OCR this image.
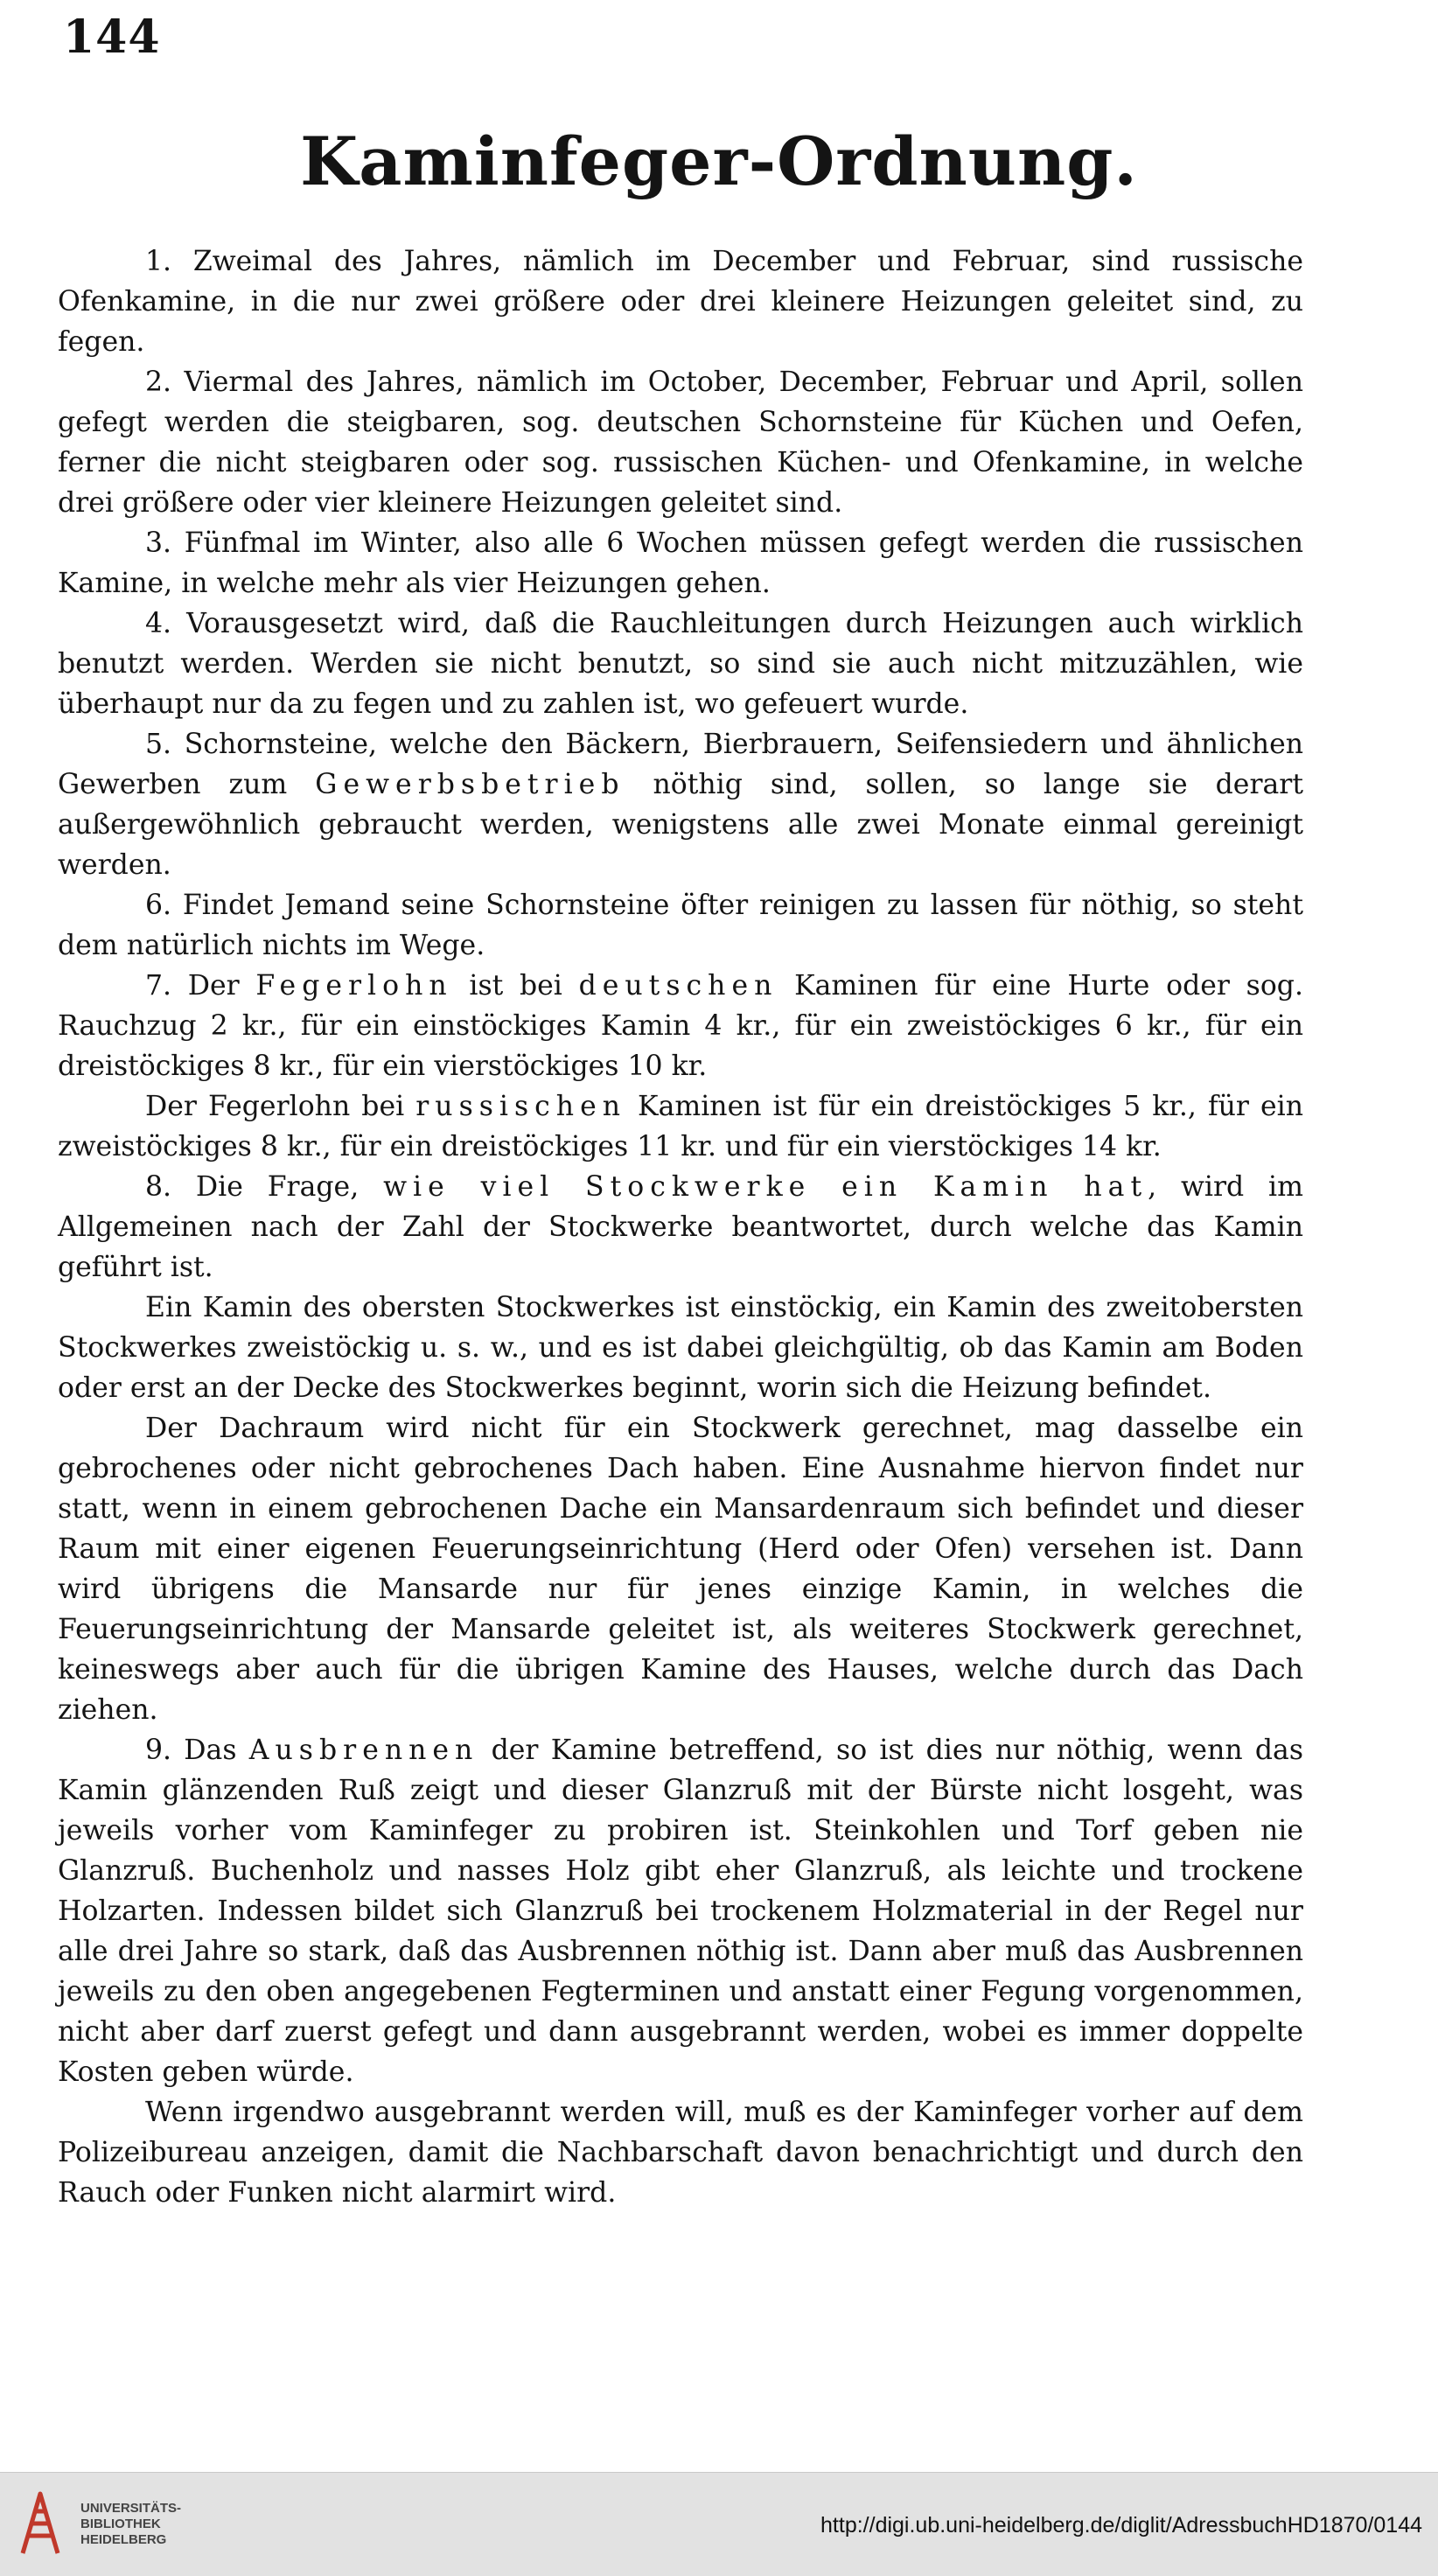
144
Kaminfeger-Ordnung.

1. Zweimal des Jahres, nämlich im December und Februar, sind russische Ofenkamine, in die nur zwei größere oder drei kleinere Heizungen geleitet sind, zu fegen.

2. Viermal des Jahres, nämlich im October, December, Februar und April, sollen gefegt werden die steigbaren, sog. deutschen Schornsteine für Küchen und Oefen, ferner die nicht steigbaren oder sog. russischen Küchen- und Ofenkamine, in welche drei größere oder vier kleinere Heizungen geleitet sind.

3. Fünfmal im Winter, also alle 6 Wochen müssen gefegt werden die russischen Kamine, in welche mehr als vier Heizungen gehen.

4. Vorausgesetzt wird, daß die Rauchleitungen durch Heizungen auch wirklich benutzt werden. Werden sie nicht benutzt, so sind sie auch nicht mitzuzählen, wie überhaupt nur da zu fegen und zu zahlen ist, wo gefeuert wurde.

5. Schornsteine, welche den Bäckern, Bierbrauern, Seifensiedern und ähnlichen Gewerben zum Gewerbsbetrieb nöthig sind, sollen, so lange sie derart außergewöhnlich gebraucht werden, wenigstens alle zwei Monate einmal gereinigt werden.

6. Findet Jemand seine Schornsteine öfter reinigen zu lassen für nöthig, so steht dem natürlich nichts im Wege.

7. Der Fegerlohn ist bei deutschen Kaminen für eine Hurte oder sog. Rauchzug 2 kr., für ein einstöckiges Kamin 4 kr., für ein zweistöckiges 6 kr., für ein dreistöckiges 8 kr., für ein vierstöckiges 10 kr.

Der Fegerlohn bei russischen Kaminen ist für ein dreistöckiges 5 kr., für ein zweistöckiges 8 kr., für ein dreistöckiges 11 kr. und für ein vierstöckiges 14 kr.

8. Die Frage, wie viel Stockwerke ein Kamin hat, wird im Allgemeinen nach der Zahl der Stockwerke beantwortet, durch welche das Kamin geführt ist.

Ein Kamin des obersten Stockwerkes ist einstöckig, ein Kamin des zweitobersten Stockwerkes zweistöckig u. s. w., und es ist dabei gleichgültig, ob das Kamin am Boden oder erst an der Decke des Stockwerkes beginnt, worin sich die Heizung befindet.

Der Dachraum wird nicht für ein Stockwerk gerechnet, mag dasselbe ein gebrochenes oder nicht gebrochenes Dach haben. Eine Ausnahme hiervon findet nur statt, wenn in einem gebrochenen Dache ein Mansardenraum sich befindet und dieser Raum mit einer eigenen Feuerungseinrichtung (Herd oder Ofen) versehen ist. Dann wird übrigens die Mansarde nur für jenes einzige Kamin, in welches die Feuerungseinrichtung der Mansarde geleitet ist, als weiteres Stockwerk gerechnet, keineswegs aber auch für die übrigen Kamine des Hauses, welche durch das Dach ziehen.

9. Das Ausbrennen der Kamine betreffend, so ist dies nur nöthig, wenn das Kamin glänzenden Ruß zeigt und dieser Glanzruß mit der Bürste nicht losgeht, was jeweils vorher vom Kaminfeger zu probiren ist. Steinkohlen und Torf geben nie Glanzruß. Buchenholz und nasses Holz gibt eher Glanzruß, als leichte und trockene Holzarten. Indessen bildet sich Glanzruß bei trockenem Holzmaterial in der Regel nur alle drei Jahre so stark, daß das Ausbrennen nöthig ist. Dann aber muß das Ausbrennen jeweils zu den oben angegebenen Fegterminen und anstatt einer Fegung vorgenommen, nicht aber darf zuerst gefegt und dann ausgebrannt werden, wobei es immer doppelte Kosten geben würde.

Wenn irgendwo ausgebrannt werden will, muß es der Kaminfeger vorher auf dem Polizeibureau anzeigen, damit die Nachbarschaft davon benachrichtigt und durch den Rauch oder Funken nicht alarmirt wird.

UNIVERSITÄTS-
BIBLIOTHEK
HEIDELBERG
http://digi.ub.uni-heidelberg.de/diglit/AdressbuchHD1870/0144
